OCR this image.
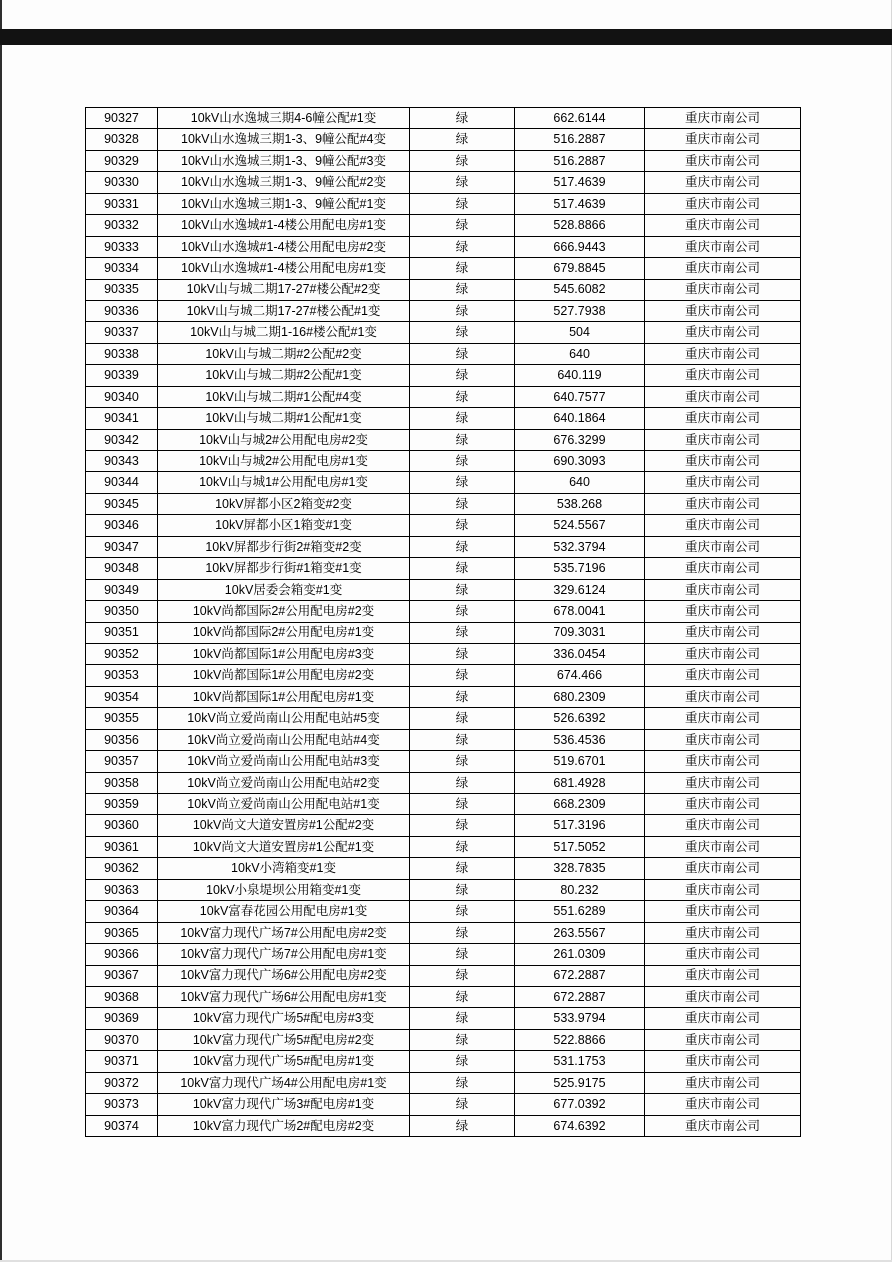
90327	10kV山水逸城三期4-6幢公配#1变	绿	662.6144	重庆市南公司
90328	10kV山水逸城三期1-3、9幢公配#4变	绿	516.2887	重庆市南公司
90329	10kV山水逸城三期1-3、9幢公配#3变	绿	516.2887	重庆市南公司
90330	10kV山水逸城三期1-3、9幢公配#2变	绿	517.4639	重庆市南公司
90331	10kV山水逸城三期1-3、9幢公配#1变	绿	517.4639	重庆市南公司
90332	10kV山水逸城#1-4楼公用配电房#1变	绿	528.8866	重庆市南公司
90333	10kV山水逸城#1-4楼公用配电房#2变	绿	666.9443	重庆市南公司
90334	10kV山水逸城#1-4楼公用配电房#1变	绿	679.8845	重庆市南公司
90335	10kV山与城二期17-27#楼公配#2变	绿	545.6082	重庆市南公司
90336	10kV山与城二期17-27#楼公配#1变	绿	527.7938	重庆市南公司
90337	10kV山与城二期1-16#楼公配#1变	绿	504	重庆市南公司
90338	10kV山与城二期#2公配#2变	绿	640	重庆市南公司
90339	10kV山与城二期#2公配#1变	绿	640.119	重庆市南公司
90340	10kV山与城二期#1公配#4变	绿	640.7577	重庆市南公司
90341	10kV山与城二期#1公配#1变	绿	640.1864	重庆市南公司
90342	10kV山与城2#公用配电房#2变	绿	676.3299	重庆市南公司
90343	10kV山与城2#公用配电房#1变	绿	690.3093	重庆市南公司
90344	10kV山与城1#公用配电房#1变	绿	640	重庆市南公司
90345	10kV屏都小区2箱变#2变	绿	538.268	重庆市南公司
90346	10kV屏都小区1箱变#1变	绿	524.5567	重庆市南公司
90347	10kV屏都步行街2#箱变#2变	绿	532.3794	重庆市南公司
90348	10kV屏都步行街#1箱变#1变	绿	535.7196	重庆市南公司
90349	10kV居委会箱变#1变	绿	329.6124	重庆市南公司
90350	10kV尚都国际2#公用配电房#2变	绿	678.0041	重庆市南公司
90351	10kV尚都国际2#公用配电房#1变	绿	709.3031	重庆市南公司
90352	10kV尚都国际1#公用配电房#3变	绿	336.0454	重庆市南公司
90353	10kV尚都国际1#公用配电房#2变	绿	674.466	重庆市南公司
90354	10kV尚都国际1#公用配电房#1变	绿	680.2309	重庆市南公司
90355	10kV尚立爱尚南山公用配电站#5变	绿	526.6392	重庆市南公司
90356	10kV尚立爱尚南山公用配电站#4变	绿	536.4536	重庆市南公司
90357	10kV尚立爱尚南山公用配电站#3变	绿	519.6701	重庆市南公司
90358	10kV尚立爱尚南山公用配电站#2变	绿	681.4928	重庆市南公司
90359	10kV尚立爱尚南山公用配电站#1变	绿	668.2309	重庆市南公司
90360	10kV尚文大道安置房#1公配#2变	绿	517.3196	重庆市南公司
90361	10kV尚文大道安置房#1公配#1变	绿	517.5052	重庆市南公司
90362	10kV小湾箱变#1变	绿	328.7835	重庆市南公司
90363	10kV小泉堤坝公用箱变#1变	绿	80.232	重庆市南公司
90364	10kV富春花园公用配电房#1变	绿	551.6289	重庆市南公司
90365	10kV富力现代广场7#公用配电房#2变	绿	263.5567	重庆市南公司
90366	10kV富力现代广场7#公用配电房#1变	绿	261.0309	重庆市南公司
90367	10kV富力现代广场6#公用配电房#2变	绿	672.2887	重庆市南公司
90368	10kV富力现代广场6#公用配电房#1变	绿	672.2887	重庆市南公司
90369	10kV富力现代广场5#配电房#3变	绿	533.9794	重庆市南公司
90370	10kV富力现代广场5#配电房#2变	绿	522.8866	重庆市南公司
90371	10kV富力现代广场5#配电房#1变	绿	531.1753	重庆市南公司
90372	10kV富力现代广场4#公用配电房#1变	绿	525.9175	重庆市南公司
90373	10kV富力现代广场3#配电房#1变	绿	677.0392	重庆市南公司
90374	10kV富力现代广场2#配电房#2变	绿	674.6392	重庆市南公司
